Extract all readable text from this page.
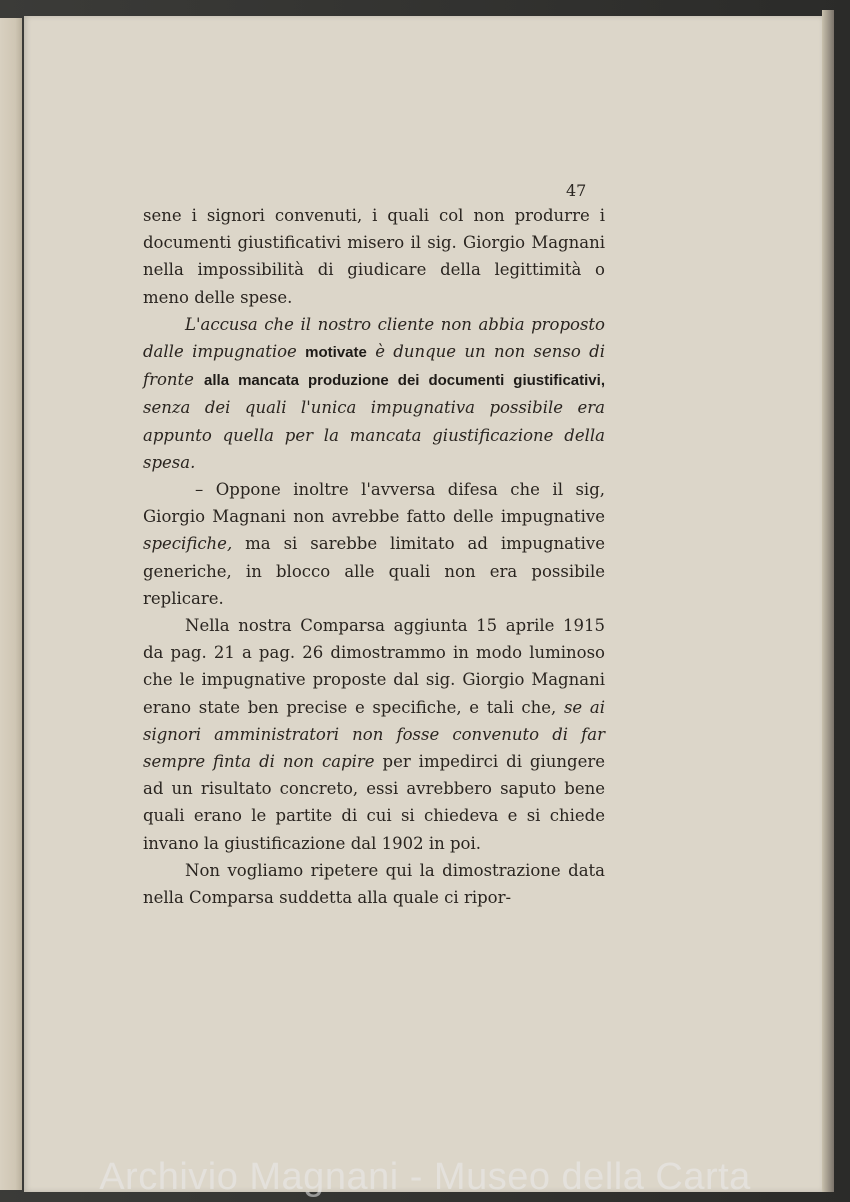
47

sene i signori convenuti, i quali col non produrre i documenti giustificativi misero il sig. Giorgio Magnani nella impossibilità di giudicare della legittimità o meno delle spese.

L'accusa che il nostro cliente non abbia proposto dalle impugnatioe motivate è dunque un non senso di fronte alla mancata produzione dei documenti giustificativi, senza dei quali l'unica impugnativa possibile era appunto quella per la mancata giustificazione della spesa.

– Oppone inoltre l'avversa difesa che il sig, Giorgio Magnani non avrebbe fatto delle impugnative specifiche, ma si sarebbe limitato ad impugnative generiche, in blocco alle quali non era possibile replicare.

Nella nostra Comparsa aggiunta 15 aprile 1915 da pag. 21 a pag. 26 dimostrammo in modo luminoso che le impugnative proposte dal sig. Giorgio Magnani erano state ben precise e specifiche, e tali che, se ai signori amministratori non fosse convenuto di far sempre finta di non capire per impedirci di giungere ad un risultato concreto, essi avrebbero saputo bene quali erano le partite di cui si chiedeva e si chiede invano la giustificazione dal 1902 in poi.

Non vogliamo ripetere qui la dimostrazione data nella Comparsa suddetta alla quale ci ripor-

Archivio Magnani - Museo della Carta
